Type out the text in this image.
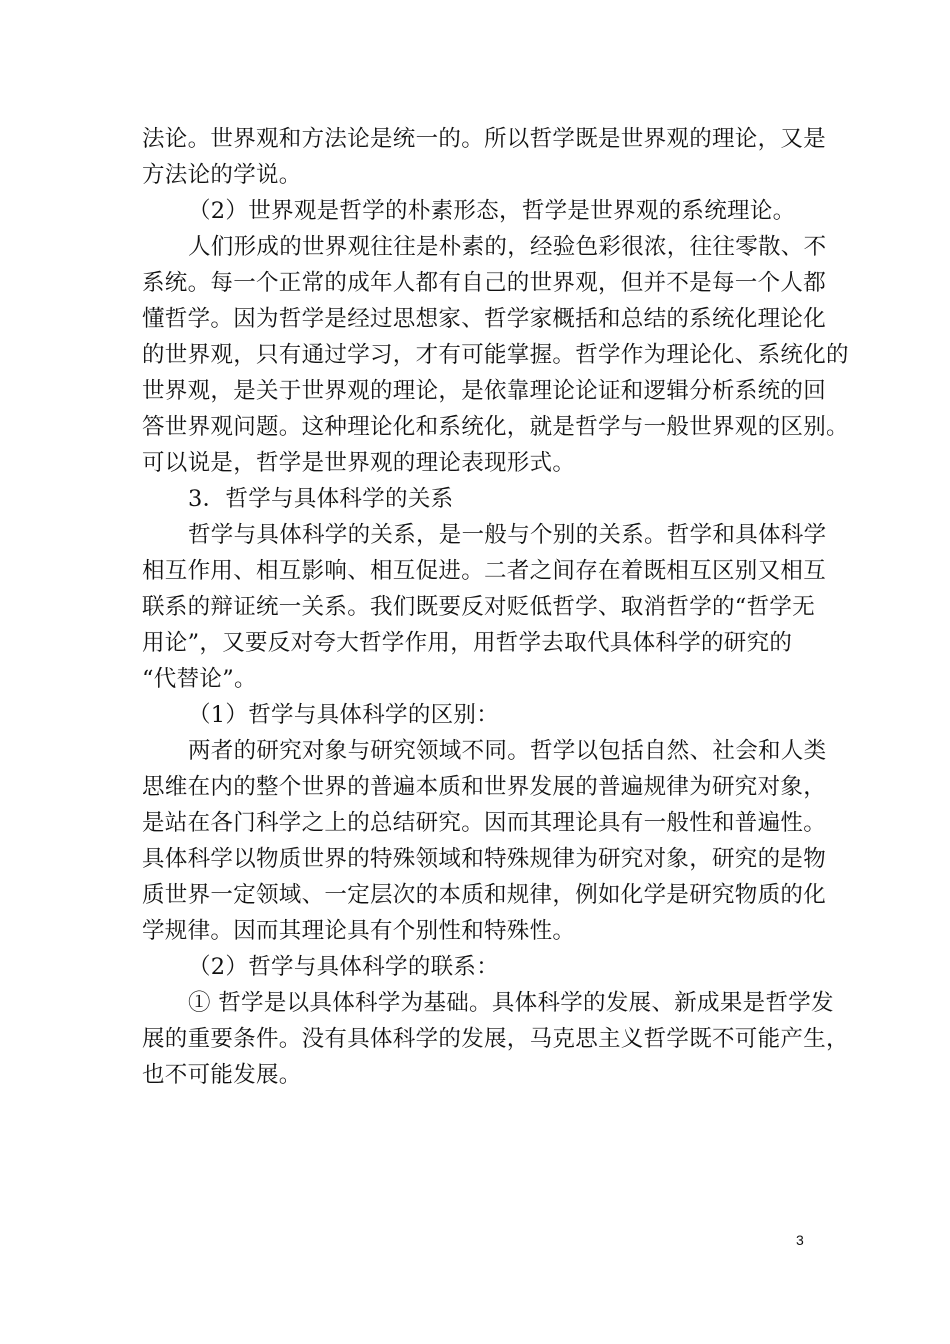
法论。世界观和方法论是统一的。所以哲学既是世界观的理论，又是

方法论的学说。

（2）世界观是哲学的朴素形态，哲学是世界观的系统理论。

人们形成的世界观往往是朴素的，经验色彩很浓，往往零散、不

系统。每一个正常的成年人都有自己的世界观，但并不是每一个人都

懂哲学。因为哲学是经过思想家、哲学家概括和总结的系统化理论化

的世界观，只有通过学习，才有可能掌握。哲学作为理论化、系统化的

世界观，是关于世界观的理论，是依靠理论论证和逻辑分析系统的回

答世界观问题。这种理论化和系统化，就是哲学与一般世界观的区别。

可以说是，哲学是世界观的理论表现形式。

3．哲学与具体科学的关系

哲学与具体科学的关系，是一般与个别的关系。哲学和具体科学

相互作用、相互影响、相互促进。二者之间存在着既相互区别又相互

联系的辩证统一关系。我们既要反对贬低哲学、取消哲学的“哲学无

用论”，又要反对夸大哲学作用，用哲学去取代具体科学的研究的

“代替论”。

（1）哲学与具体科学的区别：

两者的研究对象与研究领域不同。哲学以包括自然、社会和人类

思维在内的整个世界的普遍本质和世界发展的普遍规律为研究对象，

是站在各门科学之上的总结研究。因而其理论具有一般性和普遍性。

具体科学以物质世界的特殊领域和特殊规律为研究对象，研究的是物

质世界一定领域、一定层次的本质和规律，例如化学是研究物质的化

学规律。因而其理论具有个别性和特殊性。

（2）哲学与具体科学的联系：

① 哲学是以具体科学为基础。具体科学的发展、新成果是哲学发

展的重要条件。没有具体科学的发展，马克思主义哲学既不可能产生，

也不可能发展。

3
